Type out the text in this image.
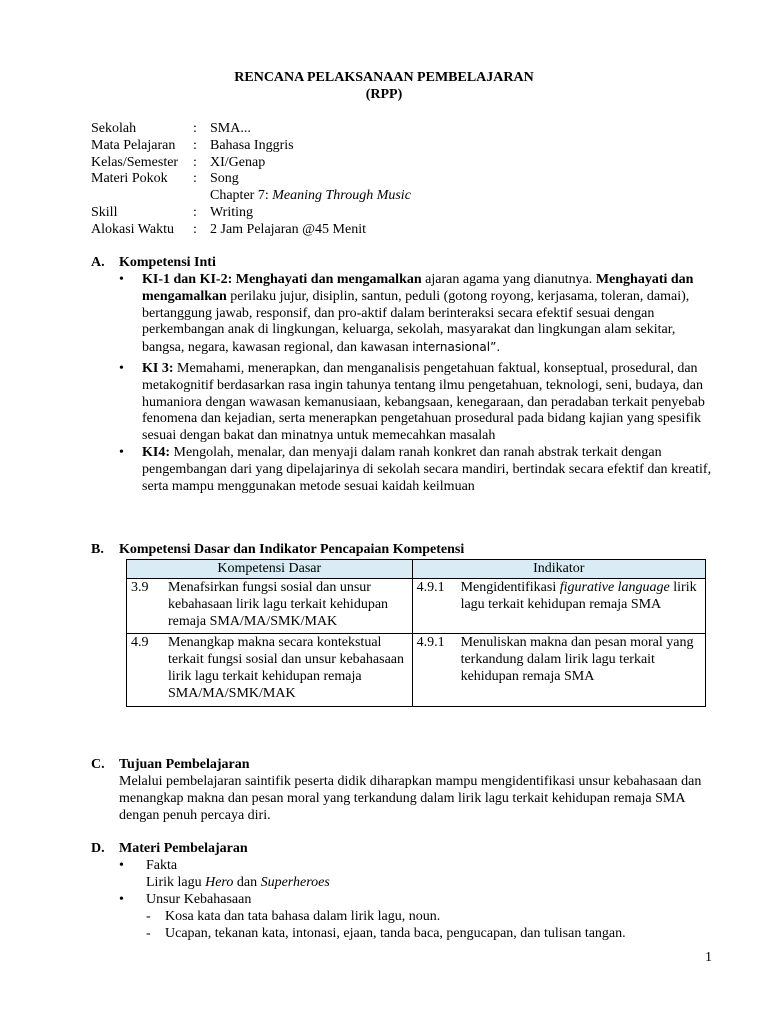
RENCANA PELAKSANAAN PEMBELAJARAN
(RPP)
Sekolah	: SMA...
Mata Pelajaran : Bahasa Inggris
Kelas/Semester : XI/Genap
Materi Pokok : Song
Chapter 7: Meaning Through Music
Skill	: Writing
Alokasi Waktu : 2 Jam Pelajaran @45 Menit
A. Kompetensi Inti
• KI-1 dan KI-2: Menghayati dan mengamalkan ajaran agama yang dianutnya. Menghayati dan mengamalkan perilaku jujur, disiplin, santun, peduli (gotong royong, kerjasama, toleran, damai), bertanggung jawab, responsif, dan pro-aktif dalam berinteraksi secara efektif sesuai dengan perkembangan anak di lingkungan, keluarga, sekolah, masyarakat dan lingkungan alam sekitar, bangsa, negara, kawasan regional, dan kawasan internasional”.
• KI 3: Memahami, menerapkan, dan menganalisis pengetahuan faktual, konseptual, prosedural, dan metakognitif berdasarkan rasa ingin tahunya tentang ilmu pengetahuan, teknologi, seni, budaya, dan humaniora dengan wawasan kemanusiaan, kebangsaan, kenegaraan, dan peradaban terkait penyebab fenomena dan kejadian, serta menerapkan pengetahuan prosedural pada bidang kajian yang spesifik sesuai dengan bakat dan minatnya untuk memecahkan masalah
• KI4: Mengolah, menalar, dan menyaji dalam ranah konkret dan ranah abstrak terkait dengan pengembangan dari yang dipelajarinya di sekolah secara mandiri, bertindak secara efektif dan kreatif, serta mampu menggunakan metode sesuai kaidah keilmuan
B. Kompetensi Dasar dan Indikator Pencapaian Kompetensi
Kompetensi Dasar	Indikator

3.9 Menafsirkan fungsi sosial dan unsur kebahasaan lirik lagu terkait kehidupan remaja SMA/MA/SMK/MAK	4.9.1 Mengidentifikasi figurative language lirik lagu terkait kehidupan remaja SMA

4.9 Menangkap makna secara kontekstual terkait fungsi sosial dan unsur kebahasaan lirik lagu terkait kehidupan remaja SMA/MA/SMK/MAK	4.9.1 Menuliskan makna dan pesan moral yang terkandung dalam lirik lagu terkait kehidupan remaja SMA
C. Tujuan Pembelajaran
Melalui pembelajaran saintifik peserta didik diharapkan mampu mengidentifikasi unsur kebahasaan dan menangkap makna dan pesan moral yang terkandung dalam lirik lagu terkait kehidupan remaja SMA dengan penuh percaya diri.
D. Materi Pembelajaran
• Fakta
Lirik lagu Hero dan Superheroes
• Unsur Kebahasaan
- Kosa kata dan tata bahasa dalam lirik lagu, noun.
- Ucapan, tekanan kata, intonasi, ejaan, tanda baca, pengucapan, dan tulisan tangan.
1
